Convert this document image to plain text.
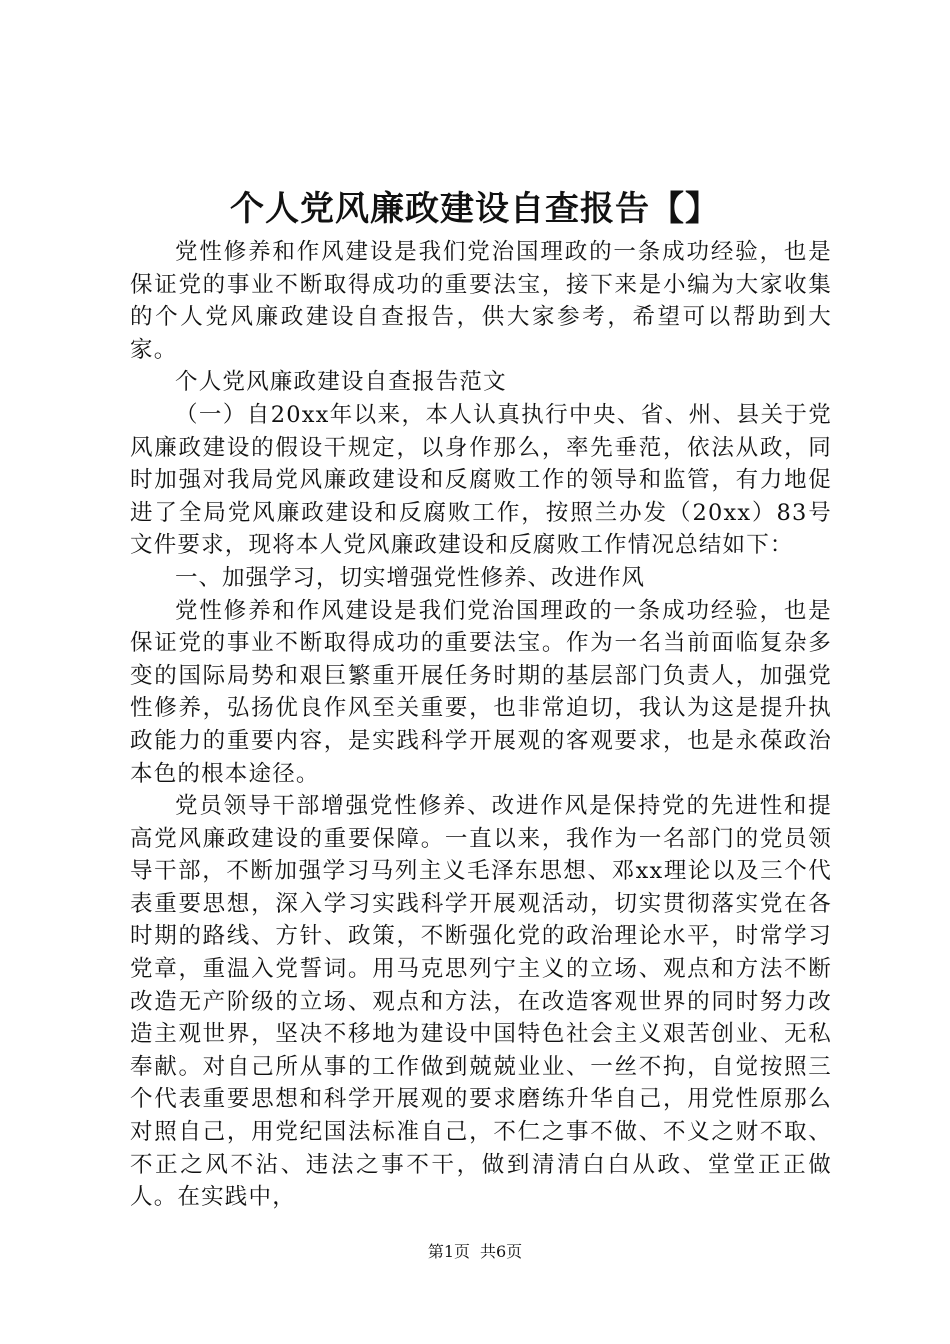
个人党风廉政建设自查报告【】

党性修养和作风建设是我们党治国理政的一条成功经验，也是保证党的事业不断取得成功的重要法宝，接下来是小编为大家收集的个人党风廉政建设自查报告，供大家参考，希望可以帮助到大家。

个人党风廉政建设自查报告范文

（一）自20xx年以来，本人认真执行中央、省、州、县关于党风廉政建设的假设干规定，以身作那么，率先垂范，依法从政，同时加强对我局党风廉政建设和反腐败工作的领导和监管，有力地促进了全局党风廉政建设和反腐败工作，按照兰办发（20xx）83号文件要求，现将本人党风廉政建设和反腐败工作情况总结如下：

一、加强学习，切实增强党性修养、改进作风

党性修养和作风建设是我们党治国理政的一条成功经验，也是保证党的事业不断取得成功的重要法宝。作为一名当前面临复杂多变的国际局势和艰巨繁重开展任务时期的基层部门负责人，加强党性修养，弘扬优良作风至关重要，也非常迫切，我认为这是提升执政能力的重要内容，是实践科学开展观的客观要求，也是永葆政治本色的根本途径。

党员领导干部增强党性修养、改进作风是保持党的先进性和提高党风廉政建设的重要保障。一直以来，我作为一名部门的党员领导干部，不断加强学习马列主义毛泽东思想、邓xx理论以及三个代表重要思想，深入学习实践科学开展观活动，切实贯彻落实党在各时期的路线、方针、政策，不断强化党的政治理论水平，时常学习党章，重温入党誓词。用马克思列宁主义的立场、观点和方法不断改造无产阶级的立场、观点和方法，在改造客观世界的同时努力改造主观世界，坚决不移地为建设中国特色社会主义艰苦创业、无私奉献。对自己所从事的工作做到兢兢业业、一丝不拘，自觉按照三个代表重要思想和科学开展观的要求磨练升华自己，用党性原那么对照自己，用党纪国法标准自己，不仁之事不做、不义之财不取、不正之风不沾、违法之事不干，做到清清白白从政、堂堂正正做人。在实践中，

第1页 共6页
